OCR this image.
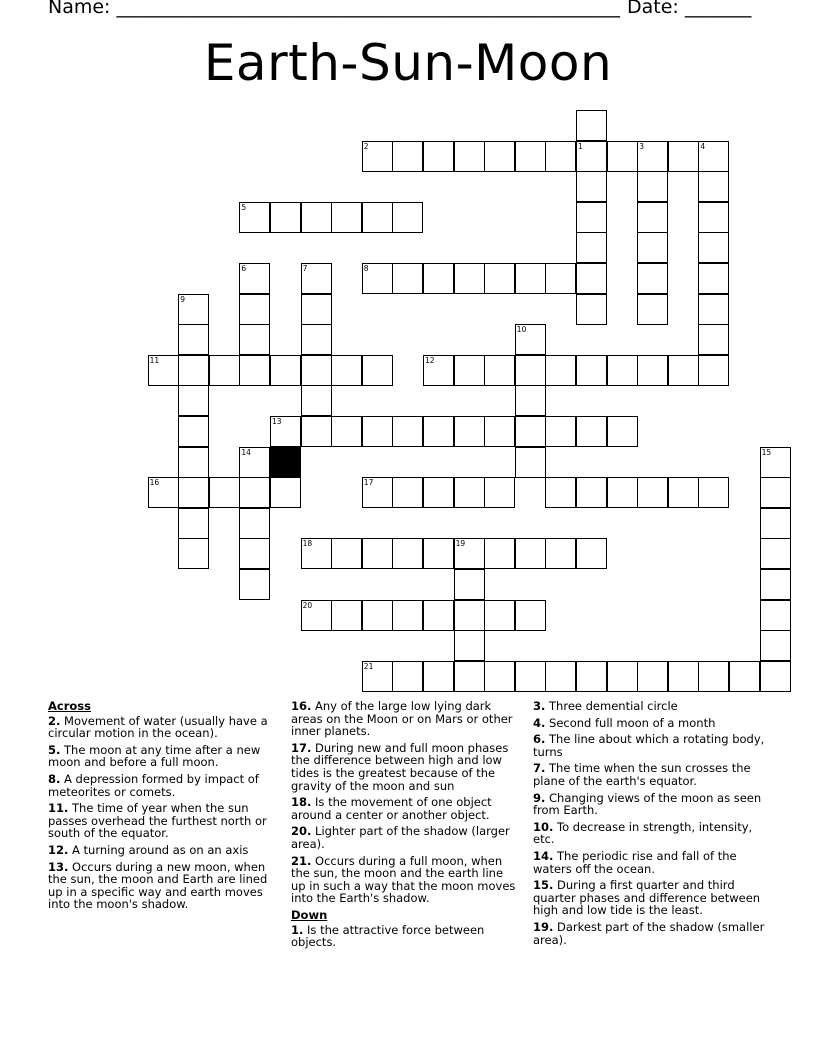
Name: _____________________________________________________ Date: _______
Earth-Sun-Moon
1
2	3	4
5
6	7	8
9
10
11	12
13
14	15
16	17
18	19
20
21
Across
2. Movement of water (usually have a circular motion in the ocean).
5. The moon at any time after a new moon and before a full moon.
8. A depression formed by impact of meteorites or comets.
11. The time of year when the sun passes overhead the furthest north or south of the equator.
12. A turning around as on an axis
13. Occurs during a new moon, when the sun, the moon and Earth are lined up in a specific way and earth moves into the moon's shadow.
16. Any of the large low lying dark areas on the Moon or on Mars or other inner planets.
17. During new and full moon phases the difference between high and low tides is the greatest because of the gravity of the moon and sun
18. Is the movement of one object around a center or another object.
20. Lighter part of the shadow (larger area).
21. Occurs during a full moon, when the sun, the moon and the earth line up in such a way that the moon moves into the Earth's shadow.
Down
1. Is the attractive force between objects.
3. Three demential circle
4. Second full moon of a month
6. The line about which a rotating body, turns
7. The time when the sun crosses the plane of the earth's equator.
9. Changing views of the moon as seen from Earth.
10. To decrease in strength, intensity, etc.
14. The periodic rise and fall of the waters off the ocean.
15. During a first quarter and third quarter phases and difference between high and low tide is the least.
19. Darkest part of the shadow (smaller area).
